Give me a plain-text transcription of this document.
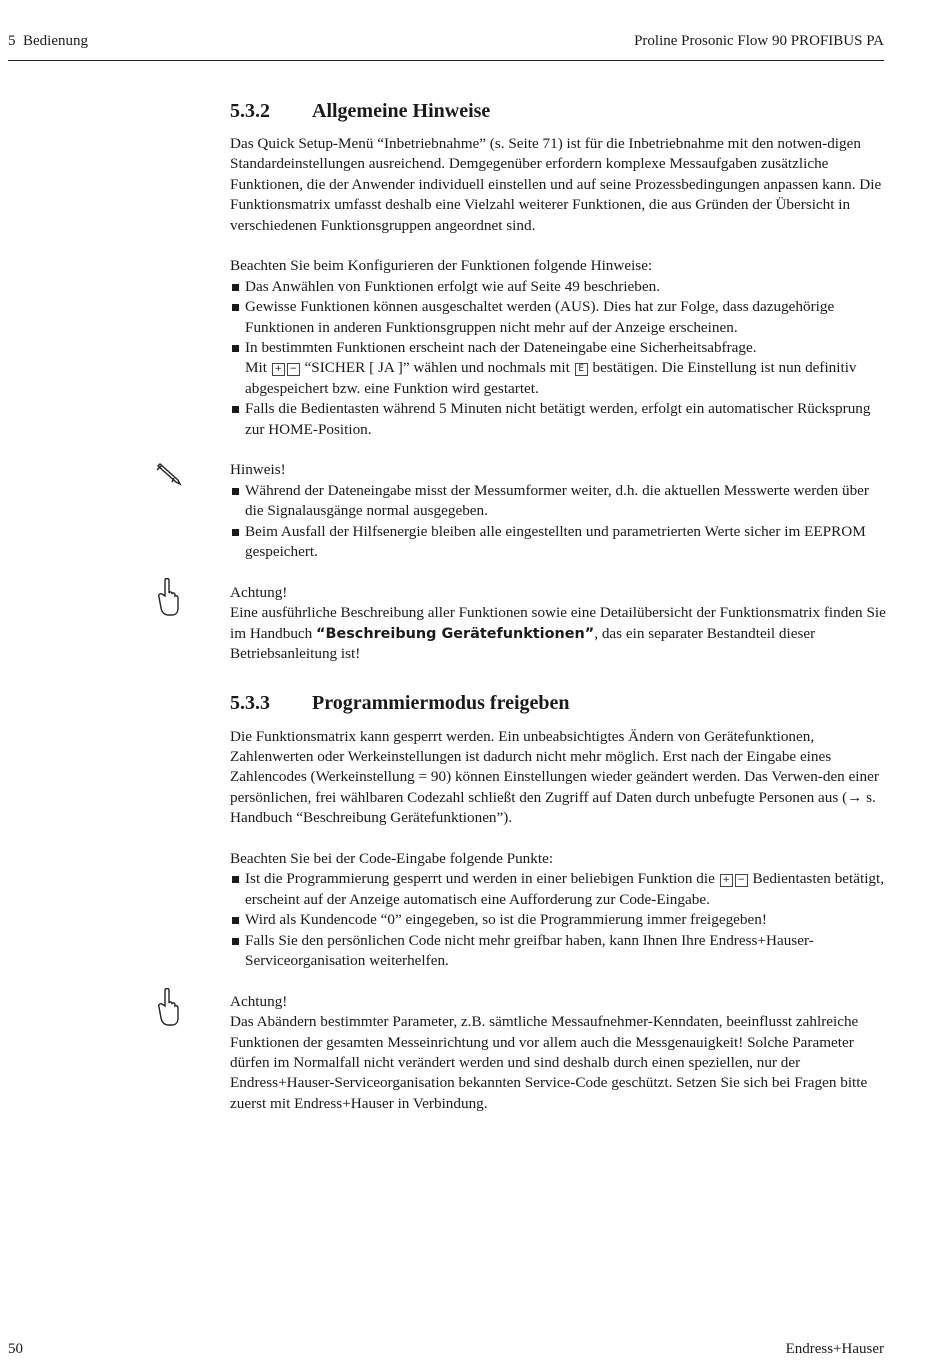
5  Bedienung	Proline Prosonic Flow 90 PROFIBUS PA
5.3.2	Allgemeine Hinweise

Das Quick Setup-Menü “Inbetriebnahme” (s. Seite 71) ist für die Inbetriebnahme mit den notwen-digen Standardeinstellungen ausreichend. Demgegenüber erfordern komplexe Messaufgaben zusätzliche Funktionen, die der Anwender individuell einstellen und auf seine Prozessbedingungen anpassen kann. Die Funktionsmatrix umfasst deshalb eine Vielzahl weiterer Funktionen, die aus Gründen der Übersicht in verschiedenen Funktionsgruppen angeordnet sind.

Beachten Sie beim Konfigurieren der Funktionen folgende Hinweise:

Das Anwählen von Funktionen erfolgt wie auf Seite 49 beschrieben.
Gewisse Funktionen können ausgeschaltet werden (AUS). Dies hat zur Folge, dass dazugehörige Funktionen in anderen Funktionsgruppen nicht mehr auf der Anzeige erscheinen.
In bestimmten Funktionen erscheint nach der Dateneingabe eine Sicherheitsabfrage.
Mit + − “SICHER [ JA ]” wählen und nochmals mit E bestätigen. Die Einstellung ist nun definitiv abgespeichert bzw. eine Funktion wird gestartet.
Falls die Bedientasten während 5 Minuten nicht betätigt werden, erfolgt ein automatischer Rücksprung zur HOME-Position.

Hinweis!

Während der Dateneingabe misst der Messumformer weiter, d.h. die aktuellen Messwerte werden über die Signalausgänge normal ausgegeben.
Beim Ausfall der Hilfsenergie bleiben alle eingestellten und parametrierten Werte sicher im EEPROM gespeichert.

Achtung!

Eine ausführliche Beschreibung aller Funktionen sowie eine Detailübersicht der Funktionsmatrix finden Sie im Handbuch “Beschreibung Gerätefunktionen”, das ein separater Bestandteil dieser Betriebsanleitung ist!

5.3.3	Programmiermodus freigeben

Die Funktionsmatrix kann gesperrt werden. Ein unbeabsichtigtes Ändern von Gerätefunktionen, Zahlenwerten oder Werkeinstellungen ist dadurch nicht mehr möglich. Erst nach der Eingabe eines Zahlencodes (Werkeinstellung = 90) können Einstellungen wieder geändert werden. Das Verwen-den einer persönlichen, frei wählbaren Codezahl schließt den Zugriff auf Daten durch unbefugte Personen aus (→ s. Handbuch “Beschreibung Gerätefunktionen”).

Beachten Sie bei der Code-Eingabe folgende Punkte:

Ist die Programmierung gesperrt und werden in einer beliebigen Funktion die + − Bedientasten betätigt, erscheint auf der Anzeige automatisch eine Aufforderung zur Code-Eingabe.
Wird als Kundencode “0” eingegeben, so ist die Programmierung immer freigegeben!
Falls Sie den persönlichen Code nicht mehr greifbar haben, kann Ihnen Ihre Endress+Hauser-Serviceorganisation weiterhelfen.

Achtung!

Das Abändern bestimmter Parameter, z.B. sämtliche Messaufnehmer-Kenndaten, beeinflusst zahlreiche Funktionen der gesamten Messeinrichtung und vor allem auch die Messgenauigkeit! Solche Parameter dürfen im Normalfall nicht verändert werden und sind deshalb durch einen speziellen, nur der Endress+Hauser-Serviceorganisation bekannten Service-Code geschützt. Setzen Sie sich bei Fragen bitte zuerst mit Endress+Hauser in Verbindung.

50	Endress+Hauser
